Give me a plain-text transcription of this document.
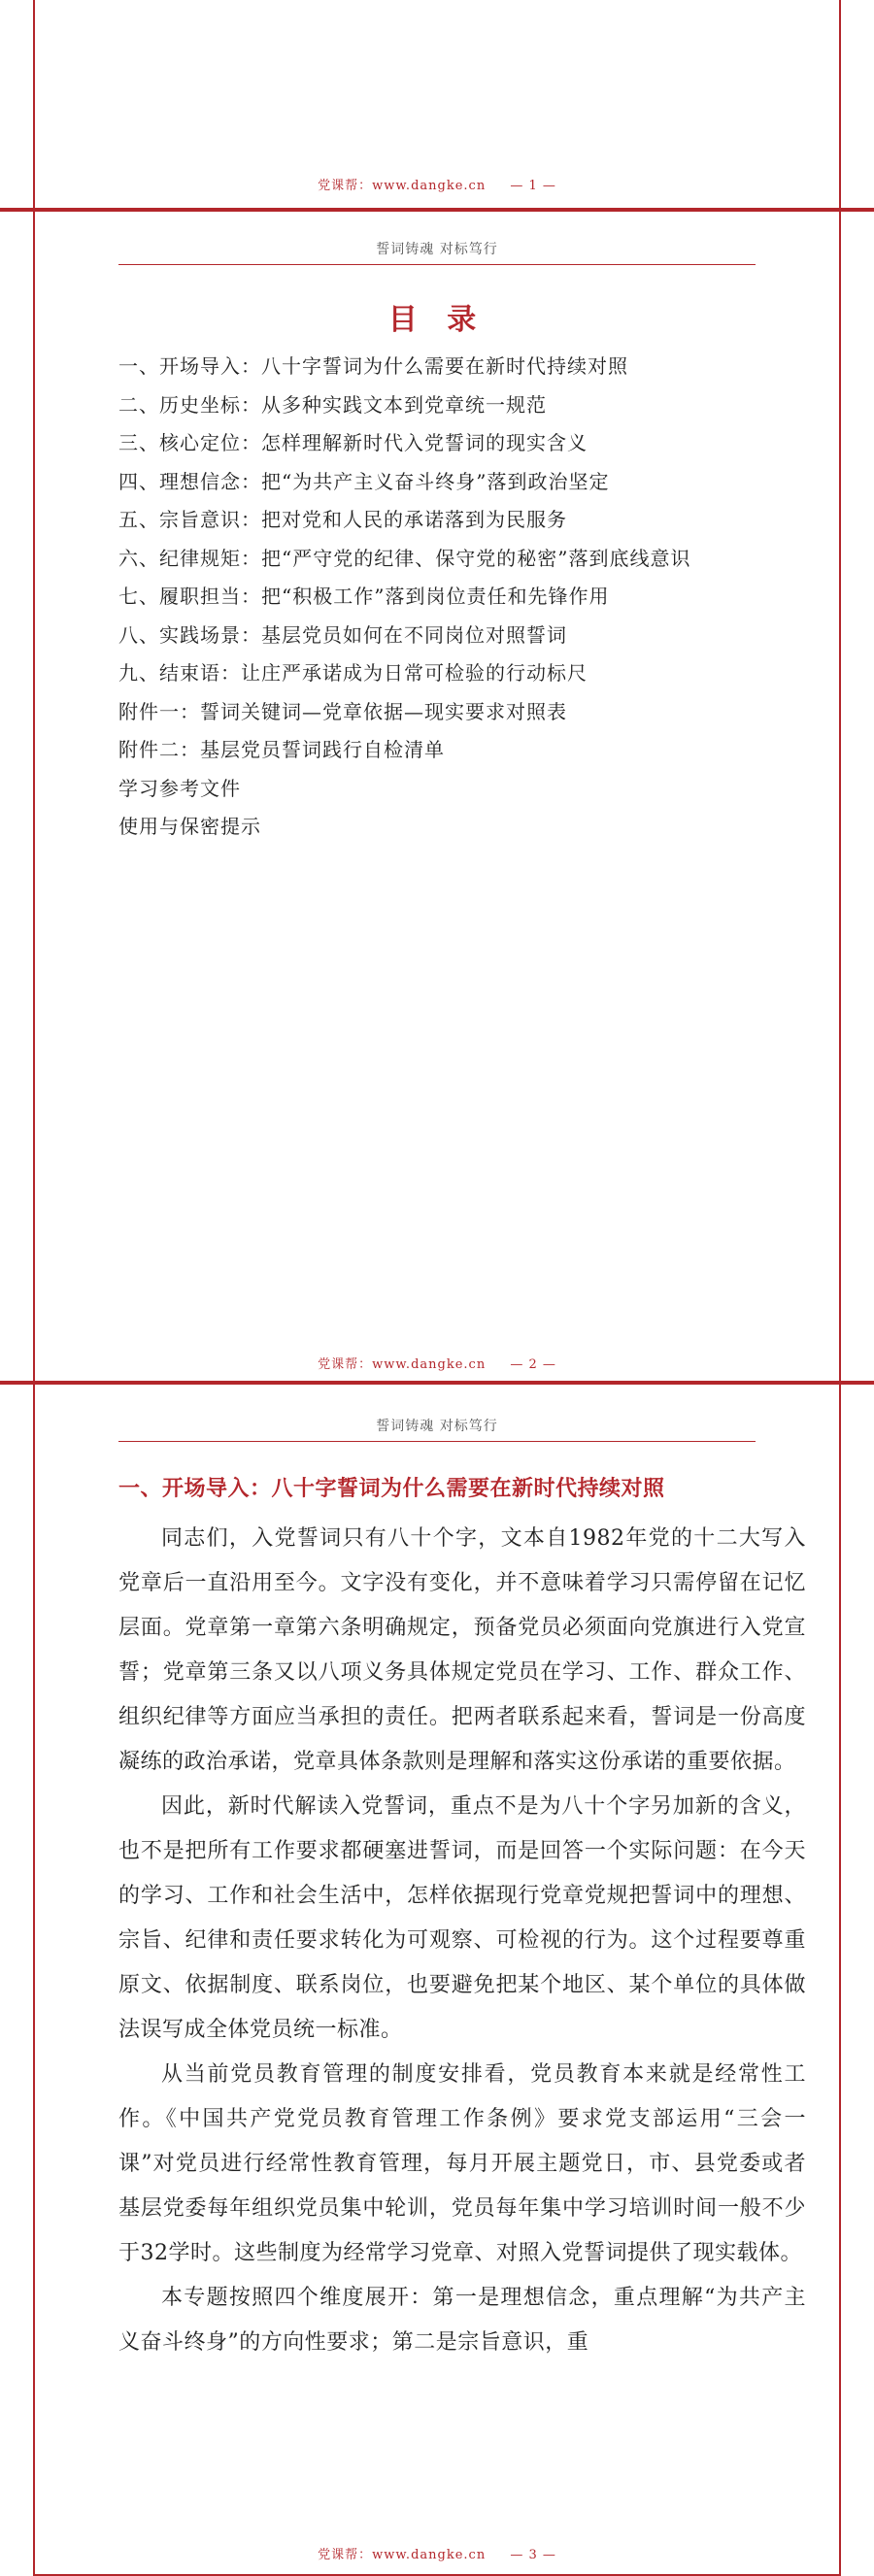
党课帮：www.dangke.cn — 1 —
誓词铸魂 对标笃行
目 录
一、开场导入：八十字誓词为什么需要在新时代持续对照
二、历史坐标：从多种实践文本到党章统一规范
三、核心定位：怎样理解新时代入党誓词的现实含义
四、理想信念：把“为共产主义奋斗终身”落到政治坚定
五、宗旨意识：把对党和人民的承诺落到为民服务
六、纪律规矩：把“严守党的纪律、保守党的秘密”落到底线意识
七、履职担当：把“积极工作”落到岗位责任和先锋作用
八、实践场景：基层党员如何在不同岗位对照誓词
九、结束语：让庄严承诺成为日常可检验的行动标尺
附件一：誓词关键词—党章依据—现实要求对照表
附件二：基层党员誓词践行自检清单
学习参考文件
使用与保密提示
党课帮：www.dangke.cn — 2 —
誓词铸魂 对标笃行
一、开场导入：八十字誓词为什么需要在新时代持续对照

同志们，入党誓词只有八十个字，文本自1982年党的十二大写入党章后一直沿用至今。文字没有变化，并不意味着学习只需停留在记忆层面。党章第一章第六条明确规定，预备党员必须面向党旗进行入党宣誓；党章第三条又以八项义务具体规定党员在学习、工作、群众工作、组织纪律等方面应当承担的责任。把两者联系起来看，誓词是一份高度凝练的政治承诺，党章具体条款则是理解和落实这份承诺的重要依据。

因此，新时代解读入党誓词，重点不是为八十个字另加新的含义，也不是把所有工作要求都硬塞进誓词，而是回答一个实际问题：在今天的学习、工作和社会生活中，怎样依据现行党章党规把誓词中的理想、宗旨、纪律和责任要求转化为可观察、可检视的行为。这个过程要尊重原文、依据制度、联系岗位，也要避免把某个地区、某个单位的具体做法误写成全体党员统一标准。

从当前党员教育管理的制度安排看，党员教育本来就是经常性工作。《中国共产党党员教育管理工作条例》要求党支部运用“三会一课”对党员进行经常性教育管理，每月开展主题党日，市、县党委或者基层党委每年组织党员集中轮训，党员每年集中学习培训时间一般不少于32学时。这些制度为经常学习党章、对照入党誓词提供了现实载体。

本专题按照四个维度展开：第一是理想信念，重点理解“为共产主义奋斗终身”的方向性要求；第二是宗旨意识，重

党课帮：www.dangke.cn — 3 —
